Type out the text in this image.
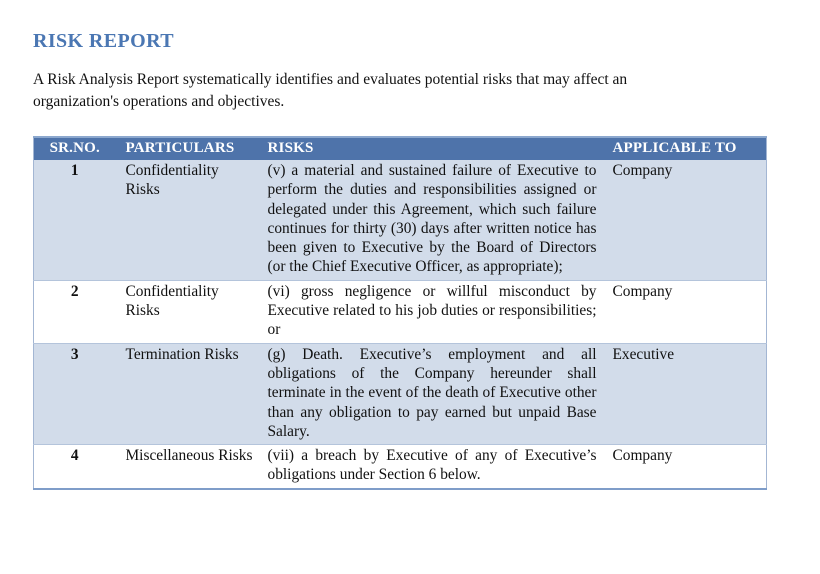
RISK REPORT

A Risk Analysis Report systematically identifies and evaluates potential risks that may affect an organization's operations and objectives.

SR.NO.	PARTICULARS	RISKS	APPLICABLE TO
1	Confidentiality Risks	(v) a material and sustained failure of Executive to perform the duties and responsibilities assigned or delegated under this Agreement, which such failure continues for thirty (30) days after written notice has been given to Executive by the Board of Directors (or the Chief Executive Officer, as appropriate);	Company
2	Confidentiality Risks	(vi) gross negligence or willful misconduct by Executive related to his job duties or responsibilities; or	Company
3	Termination Risks	(g) Death. Executive’s employment and all obligations of the Company hereunder shall terminate in the event of the death of Executive other than any obligation to pay earned but unpaid Base Salary.	Executive
4	Miscellaneous Risks	(vii) a breach by Executive of any of Executive’s obligations under Section 6 below.	Company
